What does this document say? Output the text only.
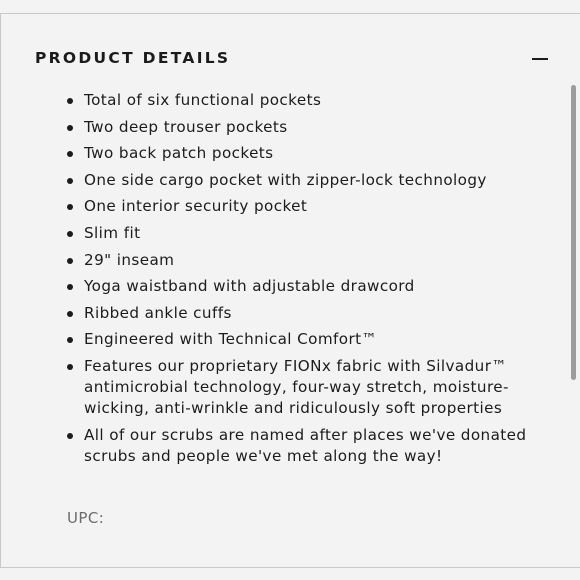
PRODUCT DETAILS
Total of six functional pockets
Two deep trouser pockets
Two back patch pockets
One side cargo pocket with zipper-lock technology
One interior security pocket
Slim fit
29" inseam
Yoga waistband with adjustable drawcord
Ribbed ankle cuffs
Engineered with Technical Comfort™
Features our proprietary FIONx fabric with Silvadur™ antimicrobial technology, four-way stretch, moisture-wicking, anti-wrinkle and ridiculously soft properties
All of our scrubs are named after places we've donated scrubs and people we've met along the way!
UPC:
